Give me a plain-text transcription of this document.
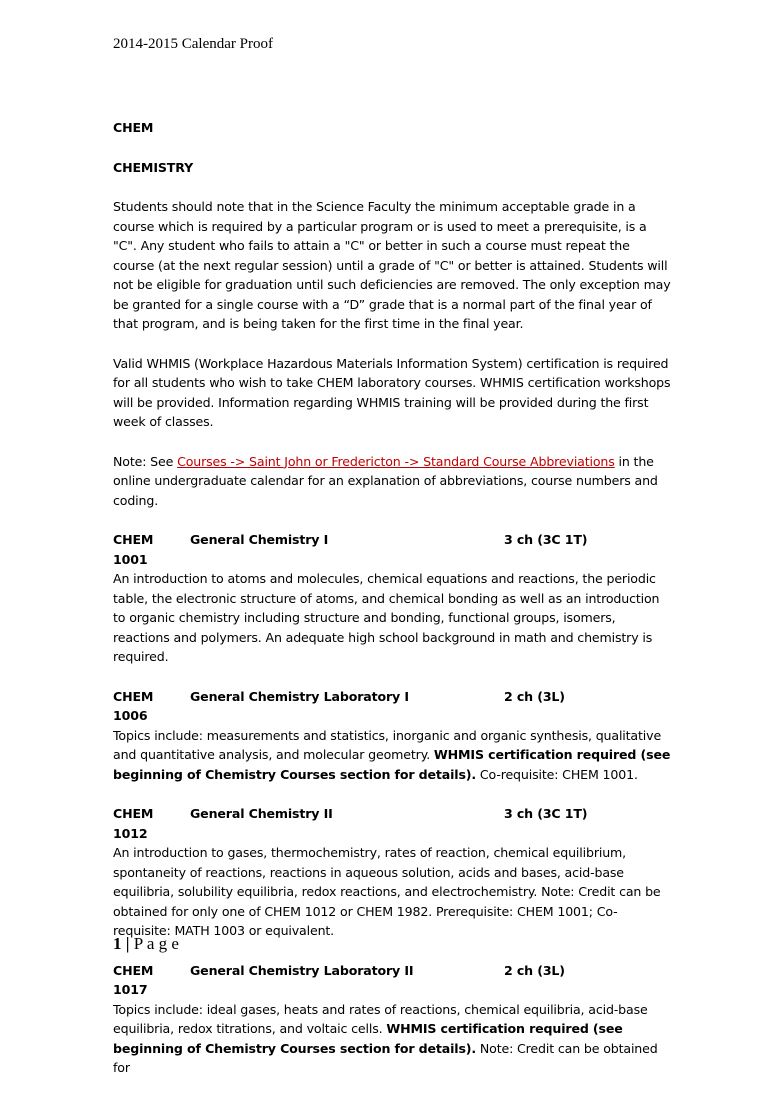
2014-2015 Calendar Proof

CHEM

CHEMISTRY

Students should note that in the Science Faculty the minimum acceptable grade in a course which is required by a particular program or is used to meet a prerequisite, is a "C". Any student who fails to attain a "C" or better in such a course must repeat the course (at the next regular session) until a grade of "C" or better is attained. Students will not be eligible for graduation until such deficiencies are removed. The only exception may be granted for a single course with a “D” grade that is a normal part of the final year of that program, and is being taken for the first time in the final year.

Valid WHMIS (Workplace Hazardous Materials Information System) certification is required for all students who wish to take CHEM laboratory courses. WHMIS certification workshops will be provided. Information regarding WHMIS training will be provided during the first week of classes.

Note: See Courses -> Saint John or Fredericton -> Standard Course Abbreviations in the online undergraduate calendar for an explanation of abbreviations, course numbers and coding.

CHEM 1001
General Chemistry I	3 ch (3C 1T)

An introduction to atoms and molecules, chemical equations and reactions, the periodic table, the electronic structure of atoms, and chemical bonding as well as an introduction to organic chemistry including structure and bonding, functional groups, isomers, reactions and polymers. An adequate high school background in math and chemistry is required.

CHEM 1006
General Chemistry Laboratory I	2 ch (3L)

Topics include: measurements and statistics, inorganic and organic synthesis, qualitative and quantitative analysis, and molecular geometry. WHMIS certification required (see beginning of Chemistry Courses section for details). Co-requisite: CHEM 1001.

CHEM 1012
General Chemistry II	3 ch (3C 1T)

An introduction to gases, thermochemistry, rates of reaction, chemical equilibrium, spontaneity of reactions, reactions in aqueous solution, acids and bases, acid-base equilibria, solubility equilibria, redox reactions, and electrochemistry. Note: Credit can be obtained for only one of CHEM 1012 or CHEM 1982. Prerequisite: CHEM 1001; Co-requisite: MATH 1003 or equivalent.

CHEM 1017
General Chemistry Laboratory II	2 ch (3L)

Topics include: ideal gases, heats and rates of reactions, chemical equilibria, acid-base equilibria, redox titrations, and voltaic cells. WHMIS certification required (see beginning of Chemistry Courses section for details). Note: Credit can be obtained for

1 | P a g e
